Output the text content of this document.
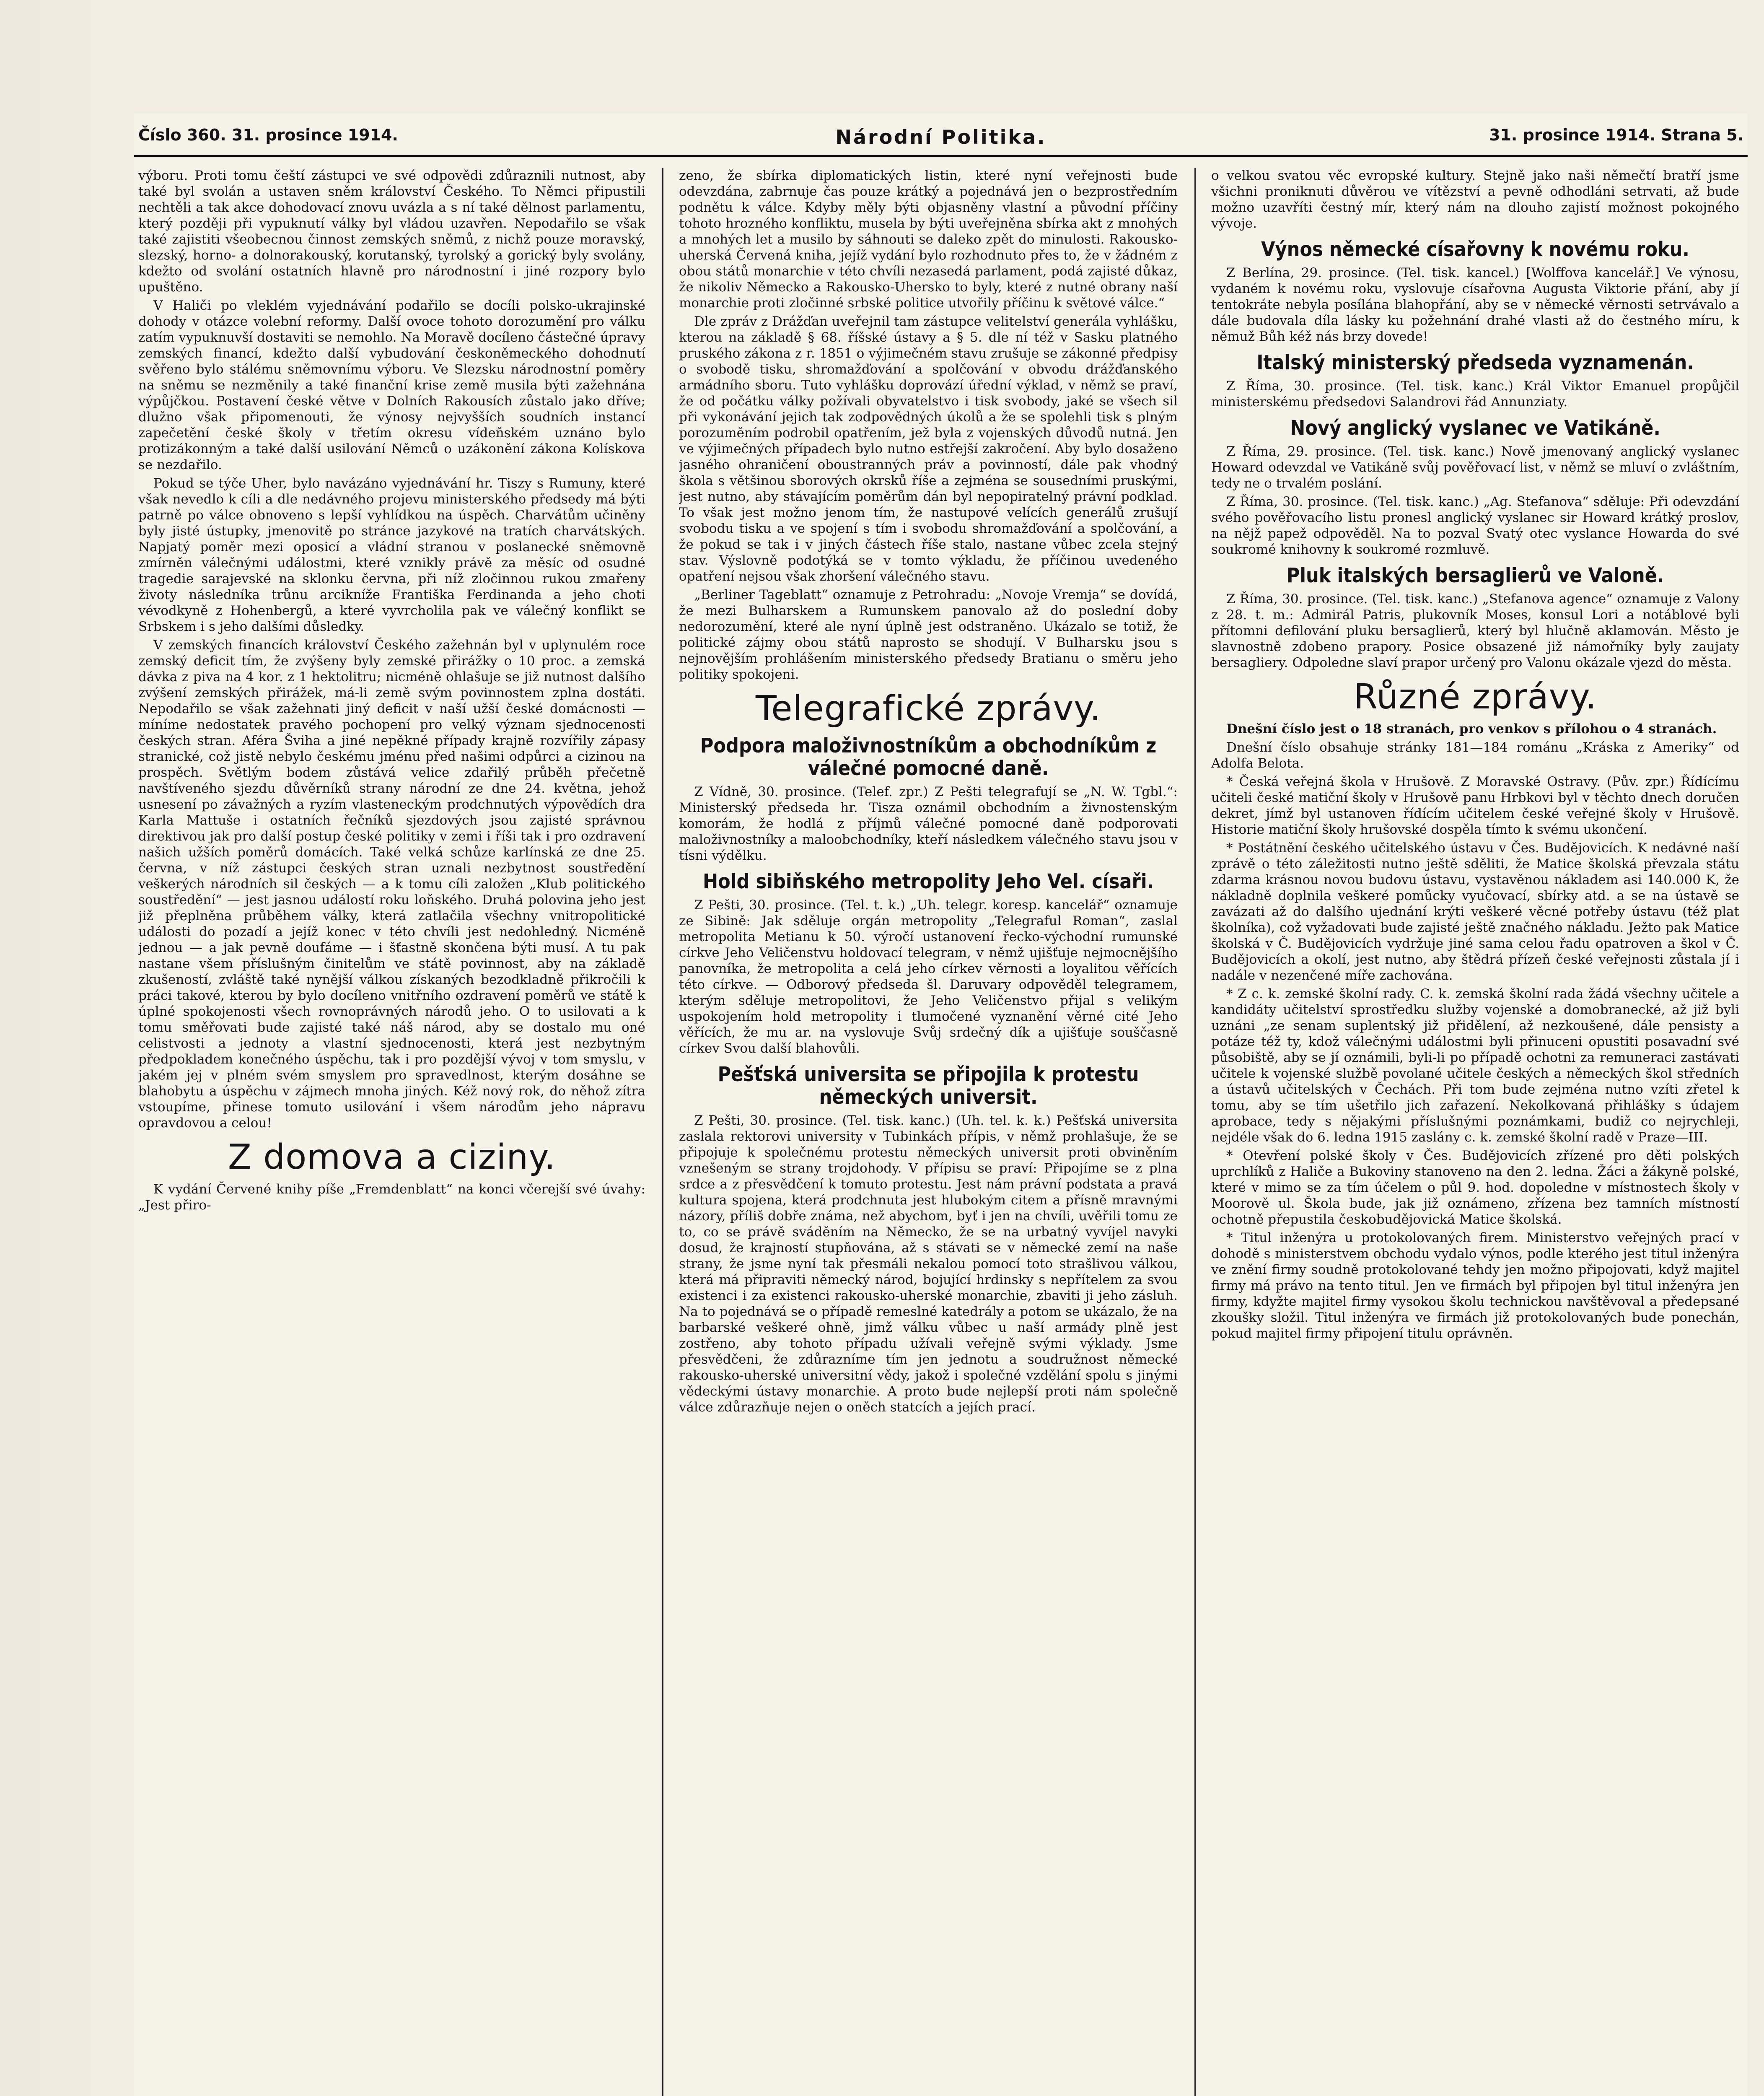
Číslo 360. 31. prosince 1914.	Národní Politika.	31. prosince 1914. Strana 5.

výboru. Proti tomu čeští zástupci ve své odpovědi zdůraznili nutnost, aby také byl svolán a ustaven sněm království Českého. To Němci připustili nechtěli a tak akce dohodovací znovu uvázla a s ní také dělnost parlamentu, který později při vypuknutí války byl vládou uzavřen. Nepodařilo se však také zajistiti všeobecnou činnost zemských sněmů, z nichž pouze moravský, slezský, horno- a dolnorakouský, korutanský, tyrolský a gorický byly svolány, kdežto od svolání ostatních hlavně pro národnostní i jiné rozpory bylo upuštěno.

V Haliči po vleklém vyjednávání podařilo se docíli polsko-ukrajinské dohody v otázce volební reformy. Další ovoce tohoto dorozumění pro válku zatím vypuknuvší dostaviti se nemohlo. Na Moravě docíleno částečné úpravy zemských financí, kdežto další vybudování českoněmeckého dohodnutí svěřeno bylo stálému sněmovnímu výboru. Ve Slezsku národnostní poměry na sněmu se nezměnily a také finanční krise země musila býti zažehnána výpůjčkou. Postavení české větve v Dolních Rakousích zůstalo jako dříve; dlužno však připomenouti, že výnosy nejvyšších soudních instancí zapečetění české školy v třetím okresu vídeňském uznáno bylo protizákonným a také další usilování Němců o uzákonění zákona Kolískova se nezdařilo.

Pokud se týče Uher, bylo navázáno vyjednávání hr. Tiszy s Rumuny, které však nevedlo k cíli a dle nedávného projevu ministerského předsedy má býti patrně po válce obnoveno s lepší vyhlídkou na úspěch. Charvátům učiněny byly jisté ústupky, jmenovitě po stránce jazykové na tratích charvátských. Napjatý poměr mezi oposicí a vládní stranou v poslanecké sněmovně zmírněn válečnými událostmi, které vznikly právě za měsíc od osudné tragedie sarajevské na sklonku června, při níž zločinnou rukou zmařeny životy následníka trůnu arcikníže Františka Ferdinanda a jeho choti vévodkyně z Hohenbergů, a které vyvrcholila pak ve válečný konflikt se Srbskem i s jeho dalšími důsledky.

V zemských financích království Českého zažehnán byl v uplynulém roce zemský deficit tím, že zvýšeny byly zemské přirážky o 10 proc. a zemská dávka z piva na 4 kor. z 1 hektolitru; nicméně ohlašuje se již nutnost dalšího zvýšení zemských přirážek, má-li země svým povinnostem zplna dostáti. Nepodařilo se však zažehnati jiný deficit v naší užší české domácnosti — míníme nedostatek pravého pochopení pro velký význam sjednocenosti českých stran. Aféra Šviha a jiné nepěkné případy krajně rozvířily zápasy stranické, což jistě nebylo českému jménu před našimi odpůrci a cizinou na prospěch. Světlým bodem zůstává velice zdařilý průběh přečetně navštíveného sjezdu důvěrníků strany národní ze dne 24. května, jehož usnesení po závažných a ryzím vlasteneckým prodchnutých výpovědích dra Karla Mattuše i ostatních řečníků sjezdových jsou zajisté správnou direktivou jak pro další postup české politiky v zemi i říši tak i pro ozdravení našich užších poměrů domácích. Také velká schůze karlínská ze dne 25. června, v níž zástupci českých stran uznali nezbytnost soustředění veškerých národních sil českých — a k tomu cíli založen „Klub politického soustředění“ — jest jasnou událostí roku loňského. Druhá polovina jeho jest již přeplněna průběhem války, která zatlačila všechny vnitropolitické události do pozadí a jejíž konec v této chvíli jest nedohledný. Nicméně jednou — a jak pevně doufáme — i šťastně skončena býti musí. A tu pak nastane všem příslušným činitelům ve státě povinnost, aby na základě zkušeností, zvláště také nynější válkou získaných bezodkladně přikročili k práci takové, kterou by bylo docíleno vnitřního ozdravení poměrů ve státě k úplné spokojenosti všech rovnoprávných národů jeho. O to usilovati a k tomu směřovati bude zajisté také náš národ, aby se dostalo mu oné celistvosti a jednoty a vlastní sjednocenosti, která jest nezbytným předpokladem konečného úspěchu, tak i pro pozdější vývoj v tom smyslu, v jakém jej v plném svém smyslem pro spravedlnost, kterým dosáhne se blahobytu a úspěchu v zájmech mnoha jiných. Kéž nový rok, do něhož zítra vstoupíme, přinese tomuto usilování i všem národům jeho nápravu opravdovou a celou!

Z domova a ciziny.

K vydání Červené knihy píše „Fremdenblatt“ na konci včerejší své úvahy: „Jest přiro-

zeno, že sbírka diplomatických listin, které nyní veřejnosti bude odevzdána, zabrnuje čas pouze krátký a pojednává jen o bezprostředním podnětu k válce. Kdyby měly býti objasněny vlastní a původní příčiny tohoto hrozného konfliktu, musela by býti uveřejněna sbírka akt z mnohých a mnohých let a musilo by sáhnouti se daleko zpět do minulosti. Rakousko-uherská Červená kniha, jejíž vydání bylo rozhodnuto přes to, že v žádném z obou států monarchie v této chvíli nezasedá parlament, podá zajisté důkaz, že nikoliv Německo a Rakousko-Uhersko to byly, které z nutné obrany naší monarchie proti zločinné srbské politice utvořily příčinu k světové válce.“

Dle zpráv z Drážďan uveřejnil tam zástupce velitelství generála vyhlášku, kterou na základě § 68. říšské ústavy a § 5. dle ní též v Sasku platného pruského zákona z r. 1851 o výjimečném stavu zrušuje se zákonné předpisy o svobodě tisku, shromažďování a spolčování v obvodu drážďanského armádního sboru. Tuto vyhlášku doprovází úřední výklad, v němž se praví, že od počátku války požívali obyvatelstvo i tisk svobody, jaké se všech sil při vykonávání jejich tak zodpovědných úkolů a že se spolehli tisk s plným porozuměním podrobil opatřením, jež byla z vojenských důvodů nutná. Jen ve výjimečných případech bylo nutno estřejší zakročení. Aby bylo dosaženo jasného ohraničení oboustranných práv a povinností, dále pak vhodný škola s většinou sborových okrsků říše a zejména se sousedními pruskými, jest nutno, aby stávajícím poměrům dán byl nepopiratelný právní podklad. To však jest možno jenom tím, že nastupové velících generálů zrušují svobodu tisku a ve spojení s tím i svobodu shromažďování a spolčování, a že pokud se tak i v jiných částech říše stalo, nastane vůbec zcela stejný stav. Výslovně podotýká se v tomto výkladu, že příčinou uvedeného opatření nejsou však zhoršení válečného stavu.

„Berliner Tageblatt“ oznamuje z Petrohradu: „Novoje Vremja“ se dovídá, že mezi Bulharskem a Rumunskem panovalo až do poslední doby nedorozumění, které ale nyní úplně jest odstraněno. Ukázalo se totiž, že politické zájmy obou států naprosto se shodují. V Bulharsku jsou s nejnovějším prohlášením ministerského předsedy Bratianu o směru jeho politiky spokojeni.

Telegrafické zprávy.
Podpora maloživnostníkům a obchodníkům z válečné pomocné daně.

Z Vídně, 30. prosince. (Telef. zpr.) Z Pešti telegrafují se „N. W. Tgbl.“: Ministerský předseda hr. Tisza oznámil obchodním a živnostenským komorám, že hodlá z příjmů válečné pomocné daně podporovati maloživnostníky a maloobchodníky, kteří následkem válečného stavu jsou v tísni výdělku.

Hold sibiňského metropolity Jeho Vel. císaři.

Z Pešti, 30. prosince. (Tel. t. k.) „Uh. telegr. koresp. kancelář“ oznamuje ze Sibině: Jak sděluje orgán metropolity „Telegraful Roman“, zaslal metropolita Metianu k 50. výročí ustanovení řecko-východní rumunské církve Jeho Veličenstvu holdovací telegram, v němž ujišťuje nejmocnějšího panovníka, že metropolita a celá jeho církev věrnosti a loyalitou věřících této církve. — Odborový předseda šl. Daruvary odpověděl telegramem, kterým sděluje metropolitovi, že Jeho Veličenstvo přijal s velikým uspokojením hold metropolity i tlumočené vyznanění věrné cité Jeho věřících, že mu ar. na vyslovuje Svůj srdečný dík a ujišťuje souščasně církev Svou další blahovůli.

Pešťská universita se připojila k protestu německých universit.

Z Pešti, 30. prosince. (Tel. tisk. kanc.) (Uh. tel. k. k.) Pešťská universita zaslala rektorovi university v Tubinkách přípis, v němž prohlašuje, že se připojuje k společnému protestu německých universit proti obviněním vznešeným se strany trojdohody. V přípisu se praví: Připojíme se z plna srdce a z přesvědčení k tomuto protestu. Jest nám právní podstata a pravá kultura spojena, která prodchnuta jest hlubokým citem a přísně mravnými názory, příliš dobře známa, než abychom, byť i jen na chvíli, uvěřili tomu ze to, co se právě sváděním na Německo, že se na urbatný vyvíjel navyki dosud, že krajností stupňována, až s stávati se v německé zemí na naše strany, že jsme nyní tak přesmáli nekalou pomocí toto strašlivou válkou, která má připraviti německý národ, bojující hrdinsky s nepřítelem za svou existenci i za existenci rakousko-uherské monarchie, zbaviti ji jeho zásluh. Na to pojednává se o případě remeslné katedrály a potom se ukázalo, že na barbarské veškeré ohně, jimž válku vůbec u naší armády plně jest zostřeno, aby tohoto případu užívali veřejně svými výklady. Jsme přesvědčeni, že zdůrazníme tím jen jednotu a soudružnost německé rakousko-uherské universitní vědy, jakož i společné vzdělání spolu s jinými vědeckými ústavy monarchie. A proto bude nejlepší proti nám společně válce zdůrazňuje nejen o oněch statcích a jejích prací.

o velkou svatou věc evropské kultury. Stejně jako naši němečtí bratří jsme všichni proniknuti důvěrou ve vítězství a pevně odhodláni setrvati, až bude možno uzavříti čestný mír, který nám na dlouho zajistí možnost pokojného vývoje.

Výnos německé císařovny k novému roku.

Z Berlína, 29. prosince. (Tel. tisk. kancel.) [Wolffova kancelář.] Ve výnosu, vydaném k novému roku, vyslovuje císařovna Augusta Viktorie přání, aby jí tentokráte nebyla posílána blahopřání, aby se v německé věrnosti setrvávalo a dále budovala díla lásky ku požehnání drahé vlasti až do čestného míru, k němuž Bůh kéž nás brzy dovede!

Italský ministerský předseda vyznamenán.

Z Říma, 30. prosince. (Tel. tisk. kanc.) Král Viktor Emanuel propůjčil ministerskému předsedovi Salandrovi řád Annunziaty.

Nový anglický vyslanec ve Vatikáně.

Z Říma, 29. prosince. (Tel. tisk. kanc.) Nově jmenovaný anglický vyslanec Howard odevzdal ve Vatikáně svůj pověřovací list, v němž se mluví o zvláštním, tedy ne o trvalém poslání.

Z Říma, 30. prosince. (Tel. tisk. kanc.) „Ag. Stefanova“ sděluje: Při odevzdání svého pověřovacího listu pronesl anglický vyslanec sir Howard krátký proslov, na nějž papež odpověděl. Na to pozval Svatý otec vyslance Howarda do své soukromé knihovny k soukromé rozmluvě.

Pluk italských bersaglierů ve Valoně.

Z Říma, 30. prosince. (Tel. tisk. kanc.) „Stefanova agence“ oznamuje z Valony z 28. t. m.: Admirál Patris, plukovník Moses, konsul Lori a notáblové byli přítomni defilování pluku bersaglierů, který byl hlučně aklamován. Město je slavnostně zdobeno prapory. Posice obsazené již námořníky byly zaujaty bersagliery. Odpoledne slaví prapor určený pro Valonu okázale vjezd do města.

Různé zprávy.

Dnešní číslo jest o 18 stranách, pro venkov s přílohou o 4 stranách.

Dnešní číslo obsahuje stránky 181—184 románu „Kráska z Ameriky“ od Adolfa Belota.

* Česká veřejná škola v Hrušově. Z Moravské Ostravy. (Pův. zpr.) Řídícímu učiteli české matiční školy v Hrušově panu Hrbkovi byl v těchto dnech doručen dekret, jímž byl ustanoven řídícím učitelem české veřejné školy v Hrušově. Historie matiční školy hrušovské dospěla tímto k svému ukončení.

* Postátnění českého učitelského ústavu v Čes. Budějovicích. K nedávné naší zprávě o této záležitosti nutno ještě sděliti, že Matice školská převzala státu zdarma krásnou novou budovu ústavu, vystavěnou nákladem asi 140.000 K, že nákladně doplnila veškeré pomůcky vyučovací, sbírky atd. a se na ústavě se zavázati až do dalšího ujednání krýti veškeré věcné potřeby ústavu (též plat školníka), což vyžadovati bude zajisté ještě značného nákladu. Ježto pak Matice školská v Č. Budějovicích vydržuje jiné sama celou řadu opatroven a škol v Č. Budějovicích a okolí, jest nutno, aby štědrá přízeň české veřejnosti zůstala jí i nadále v nezenčené míře zachována.

* Z c. k. zemské školní rady. C. k. zemská školní rada žádá všechny učitele a kandidáty učitelství sprostředku služby vojenské a domobranecké, až již byli uznáni „ze senam suplentský již přidělení, až nezkoušené, dále pensisty a potáze též ty, kdož válečnými událostmi byli přinuceni opustiti posavadní své působiště, aby se jí oznámili, byli-li po případě ochotni za remuneraci zastávati učitele k vojenské službě povolané učitele českých a německých škol středních a ústavů učitelských v Čechách. Při tom bude zejména nutno vzíti zřetel k tomu, aby se tím ušetřilo jich zařazení. Nekolkovaná přihlášky s údajem aprobace, tedy s nějakými příslušnými poznámkami, budiž co nejrychleji, nejdéle však do 6. ledna 1915 zaslány c. k. zemské školní radě v Praze—III.

* Otevření polské školy v Čes. Budějovicích zřízené pro děti polských uprchlíků z Haliče a Bukoviny stanoveno na den 2. ledna. Žáci a žákyně polské, které v mimo se za tím účelem o půl 9. hod. dopoledne v místnostech školy v Moorově ul. Škola bude, jak již oznámeno, zřízena bez tamních místností ochotně přepustila českobudějovická Matice školská.

* Titul inženýra u protokolovaných firem. Ministerstvo veřejných prací v dohodě s ministerstvem obchodu vydalo výnos, podle kterého jest titul inženýra ve znění firmy soudně protokolované tehdy jen možno připojovati, když majitel firmy má právo na tento titul. Jen ve firmách byl připojen byl titul inženýra jen firmy, kdyžte majitel firmy vysokou školu technickou navštěvoval a předepsané zkoušky složil. Titul inženýra ve firmách již protokolovaných bude ponechán, pokud majitel firmy připojení titulu oprávněn.
